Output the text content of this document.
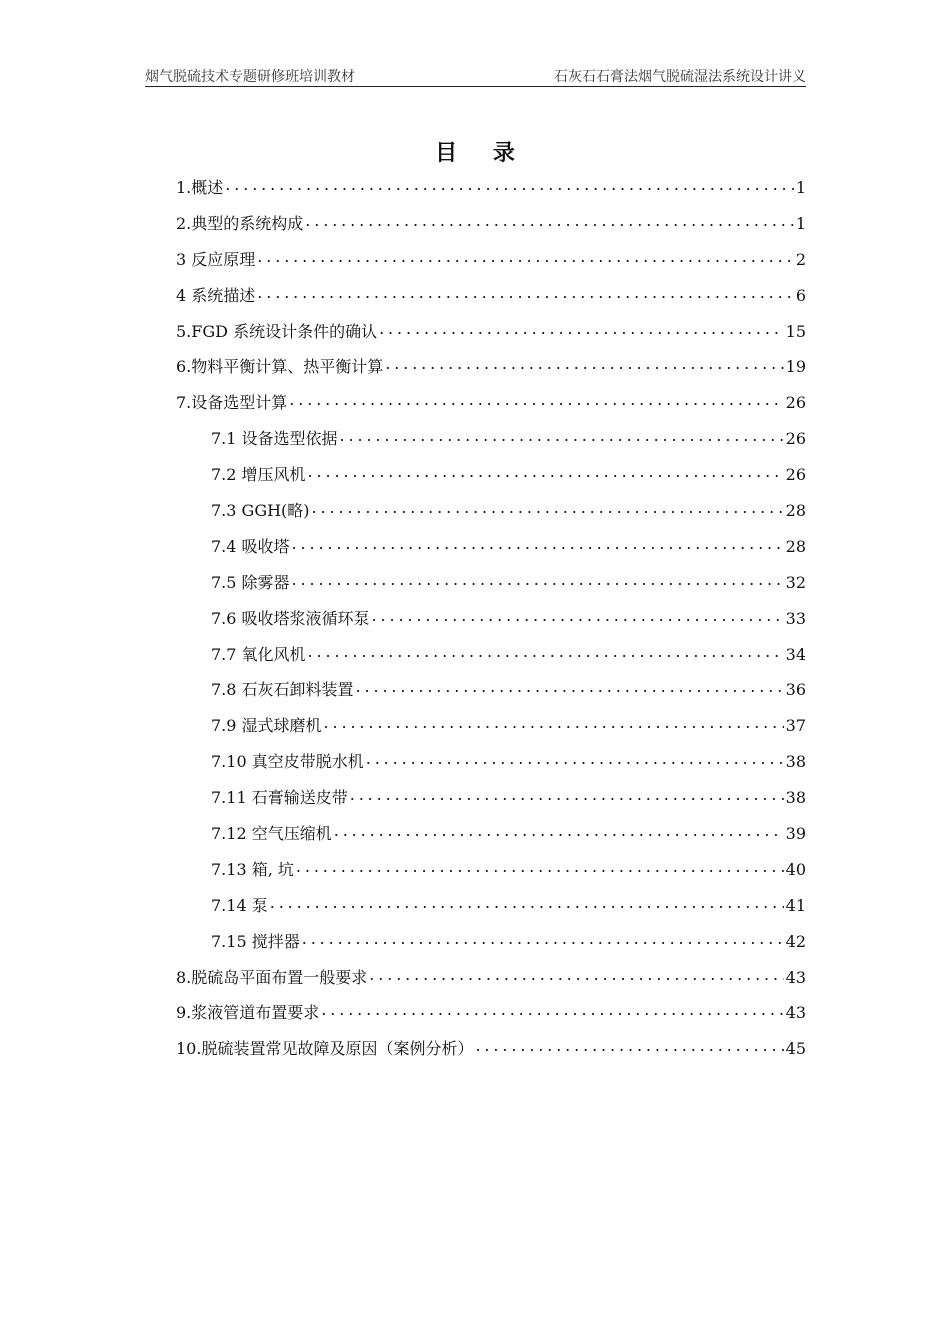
烟气脱硫技术专题研修班培训教材	石灰石石膏法烟气脱硫湿法系统设计讲义
目 录
1.概述 . . .	1
2.典型的系统构成 . . .	1
3 反应原理 . . .	2
4 系统描述 . . .	6
5.FGD 系统设计条件的确认 . . .	15
6.物料平衡计算、热平衡计算 . . .	19
7.设备选型计算 . . .	26
7.1 设备选型依据 . . .	26
7.2 增压风机 . . .	26
7.3 GGH(略) . . .	28
7.4 吸收塔 . . .	28
7.5 除雾器 . . .	32
7.6 吸收塔浆液循环泵 . . .	33
7.7 氧化风机 . . .	34
7.8 石灰石卸料装置 . . .	36
7.9 湿式球磨机 . . .	37
7.10 真空皮带脱水机 . . .	38
7.11 石膏输送皮带 . . .	38
7.12 空气压缩机 . . .	39
7.13 箱, 坑 . . .	40
7.14 泵 . . .	41
7.15 搅拌器 . . .	42
8.脱硫岛平面布置一般要求 . . .	43
9.浆液管道布置要求 . . .	43
10.脱硫装置常见故障及原因（案例分析） . . .	45
